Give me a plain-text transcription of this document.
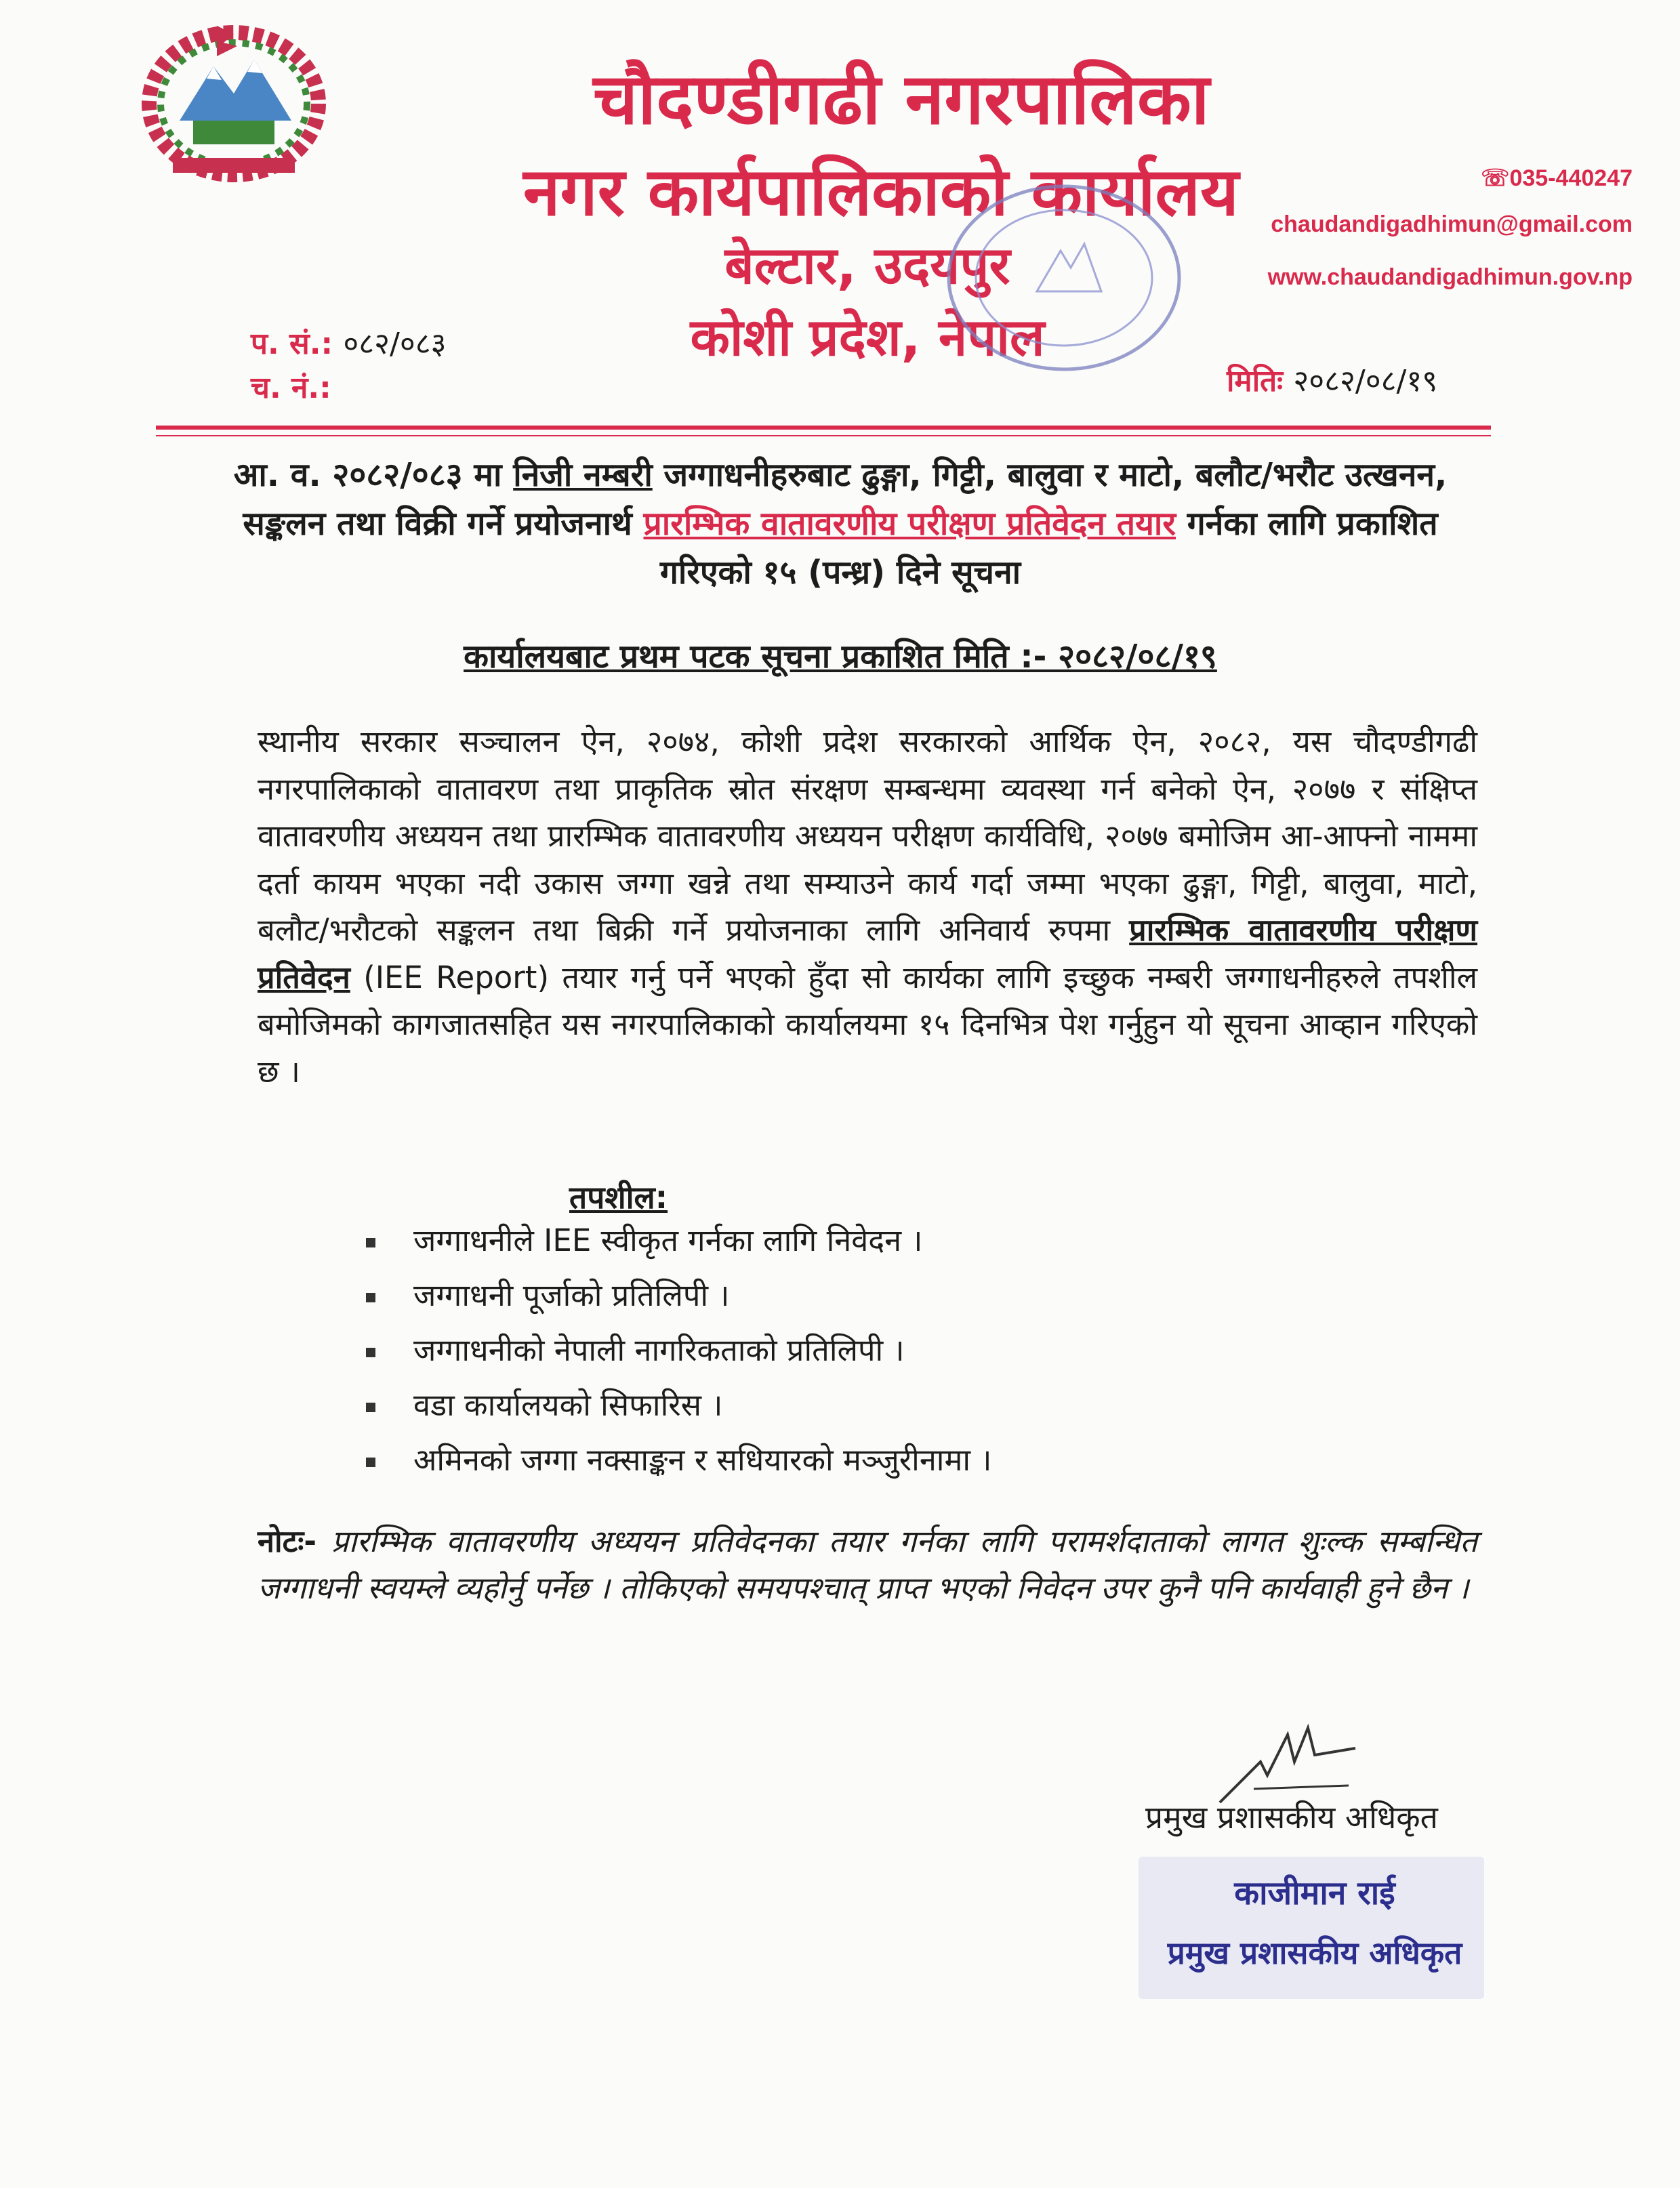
चौदण्डीगढी नगरपालिका
नगर कार्यपालिकाको कार्यालय
बेल्टार, उदयपुर
कोशी प्रदेश, नेपाल
☏035-440247
chaudandigadhimun@gmail.com
www.chaudandigadhimun.gov.np
प. सं.: ०८२/०८३
च. नं.:	मितिः २०८२/०८/१९
आ. व. २०८२/०८३ मा निजी नम्बरी जग्गाधनीहरुबाट ढुङ्गा, गिट्टी, बालुवा र माटो, बलौट/भरौट उत्खनन, सङ्कलन तथा विक्री गर्ने प्रयोजनार्थ प्रारम्भिक वातावरणीय परीक्षण प्रतिवेदन तयार गर्नका लागि प्रकाशित गरिएको १५ (पन्ध्र) दिने सूचना
कार्यालयबाट प्रथम पटक सूचना प्रकाशित मिति :- २०८२/०८/१९
स्थानीय सरकार सञ्चालन ऐन, २०७४, कोशी प्रदेश सरकारको आर्थिक ऐन, २०८२, यस चौदण्डीगढी नगरपालिकाको वातावरण तथा प्राकृतिक स्रोत संरक्षण सम्बन्धमा व्यवस्था गर्न बनेको ऐन, २०७७ र संक्षिप्त वातावरणीय अध्ययन तथा प्रारम्भिक वातावरणीय अध्ययन परीक्षण कार्यविधि, २०७७ बमोजिम आ-आफ्नो नाममा दर्ता कायम भएका नदी उकास जग्गा खन्ने तथा सम्याउने कार्य गर्दा जम्मा भएका ढुङ्गा, गिट्टी, बालुवा, माटो, बलौट/भरौटको सङ्कलन तथा बिक्री गर्ने प्रयोजनाका लागि अनिवार्य रुपमा प्रारम्भिक वातावरणीय परीक्षण प्रतिवेदन (IEE Report) तयार गर्नु पर्ने भएको हुँदा सो कार्यका लागि इच्छुक नम्बरी जग्गाधनीहरुले तपशील बमोजिमको कागजातसहित यस नगरपालिकाको कार्यालयमा १५ दिनभित्र पेश गर्नुहुन यो सूचना आव्हान गरिएको छ ।
तपशील:
जग्गाधनीले IEE स्वीकृत गर्नका लागि निवेदन ।
जग्गाधनी पूर्जाको प्रतिलिपी ।
जग्गाधनीको नेपाली नागरिकताको प्रतिलिपी ।
वडा कार्यालयको सिफारिस ।
अमिनको जग्गा नक्साङ्कन र सधियारको मञ्जुरीनामा ।
नोटः- प्रारम्भिक वातावरणीय अध्ययन प्रतिवेदनका तयार गर्नका लागि परामर्शदाताको लागत शुःल्क सम्बन्धित जग्गाधनी स्वयम्ले व्यहोर्नु पर्नेछ । तोकिएको समयपश्चात् प्राप्त भएको निवेदन उपर कुनै पनि कार्यवाही हुने छैन ।
प्रमुख प्रशासकीय अधिकृत
काजीमान राई
प्रमुख प्रशासकीय अधिकृत
